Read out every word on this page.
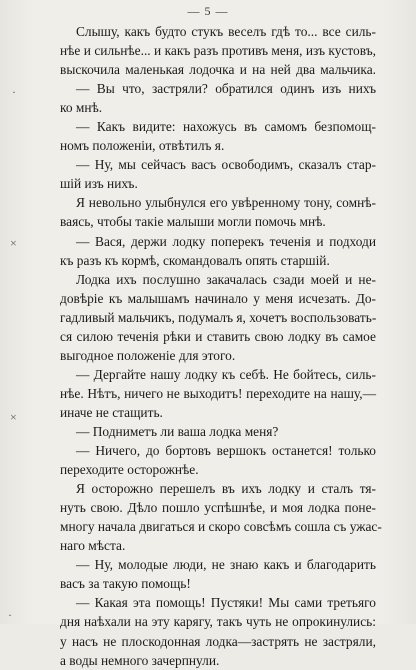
— 5 —
Слышу, какъ будто стукъ веселъ гдѣ то... все силь-
нѣе и сильнѣе... и какъ разъ противъ меня, изъ кустовъ,
выскочила маленькая лодочка и на ней два мальчика.
— Вы что, застряли? обратился одинъ изъ нихъ
ко мнѣ.
— Какъ видите: нахожусь въ самомъ безпомощ-
номъ положеніи, отвѣтилъ я.
— Ну, мы сейчасъ васъ освободимъ, сказалъ стар-
шій изъ нихъ.
Я невольно улыбнулся его увѣренному тону, сомнѣ-
ваясь, чтобы такіе малыши могли помочь мнѣ.
— Вася, держи лодку поперекъ теченія и подходи
къ разъ къ кормѣ, скомандовалъ опять старшій.
Лодка ихъ послушно закачалась сзади моей и не-
довѣріе къ малышамъ начинало у меня исчезать. До-
гадливый мальчикъ, подумалъ я, хочетъ воспользовать-
ся силою теченія рѣки и ставить свою лодку въ самое
выгодное положеніе для этого.
— Дергайте нашу лодку къ себѣ. Не бойтесь, силь-
нѣе. Нѣтъ, ничего не выходитъ! переходите на нашу,—
иначе не стащить.
— Подниметъ ли ваша лодка меня?
— Ничего, до бортовъ вершокъ останется! только
переходите осторожнѣе.
Я осторожно перешелъ въ ихъ лодку и сталъ тя-
нуть свою. Дѣло пошло успѣшнѣе, и моя лодка поне-
многу начала двигаться и скоро совсѣмъ сошла съ ужас-
наго мѣста.
— Ну, молодые люди, не знаю какъ и благодарить
васъ за такую помощь!
— Какая эта помощь! Пустяки! Мы сами третьяго
дня наѣхали на эту карягу, такъ чуть не опрокинулись:
у насъ не плоскодонная лодка—застрять не застряли,
а воды немного зачерпнули.
·
×
×
·
